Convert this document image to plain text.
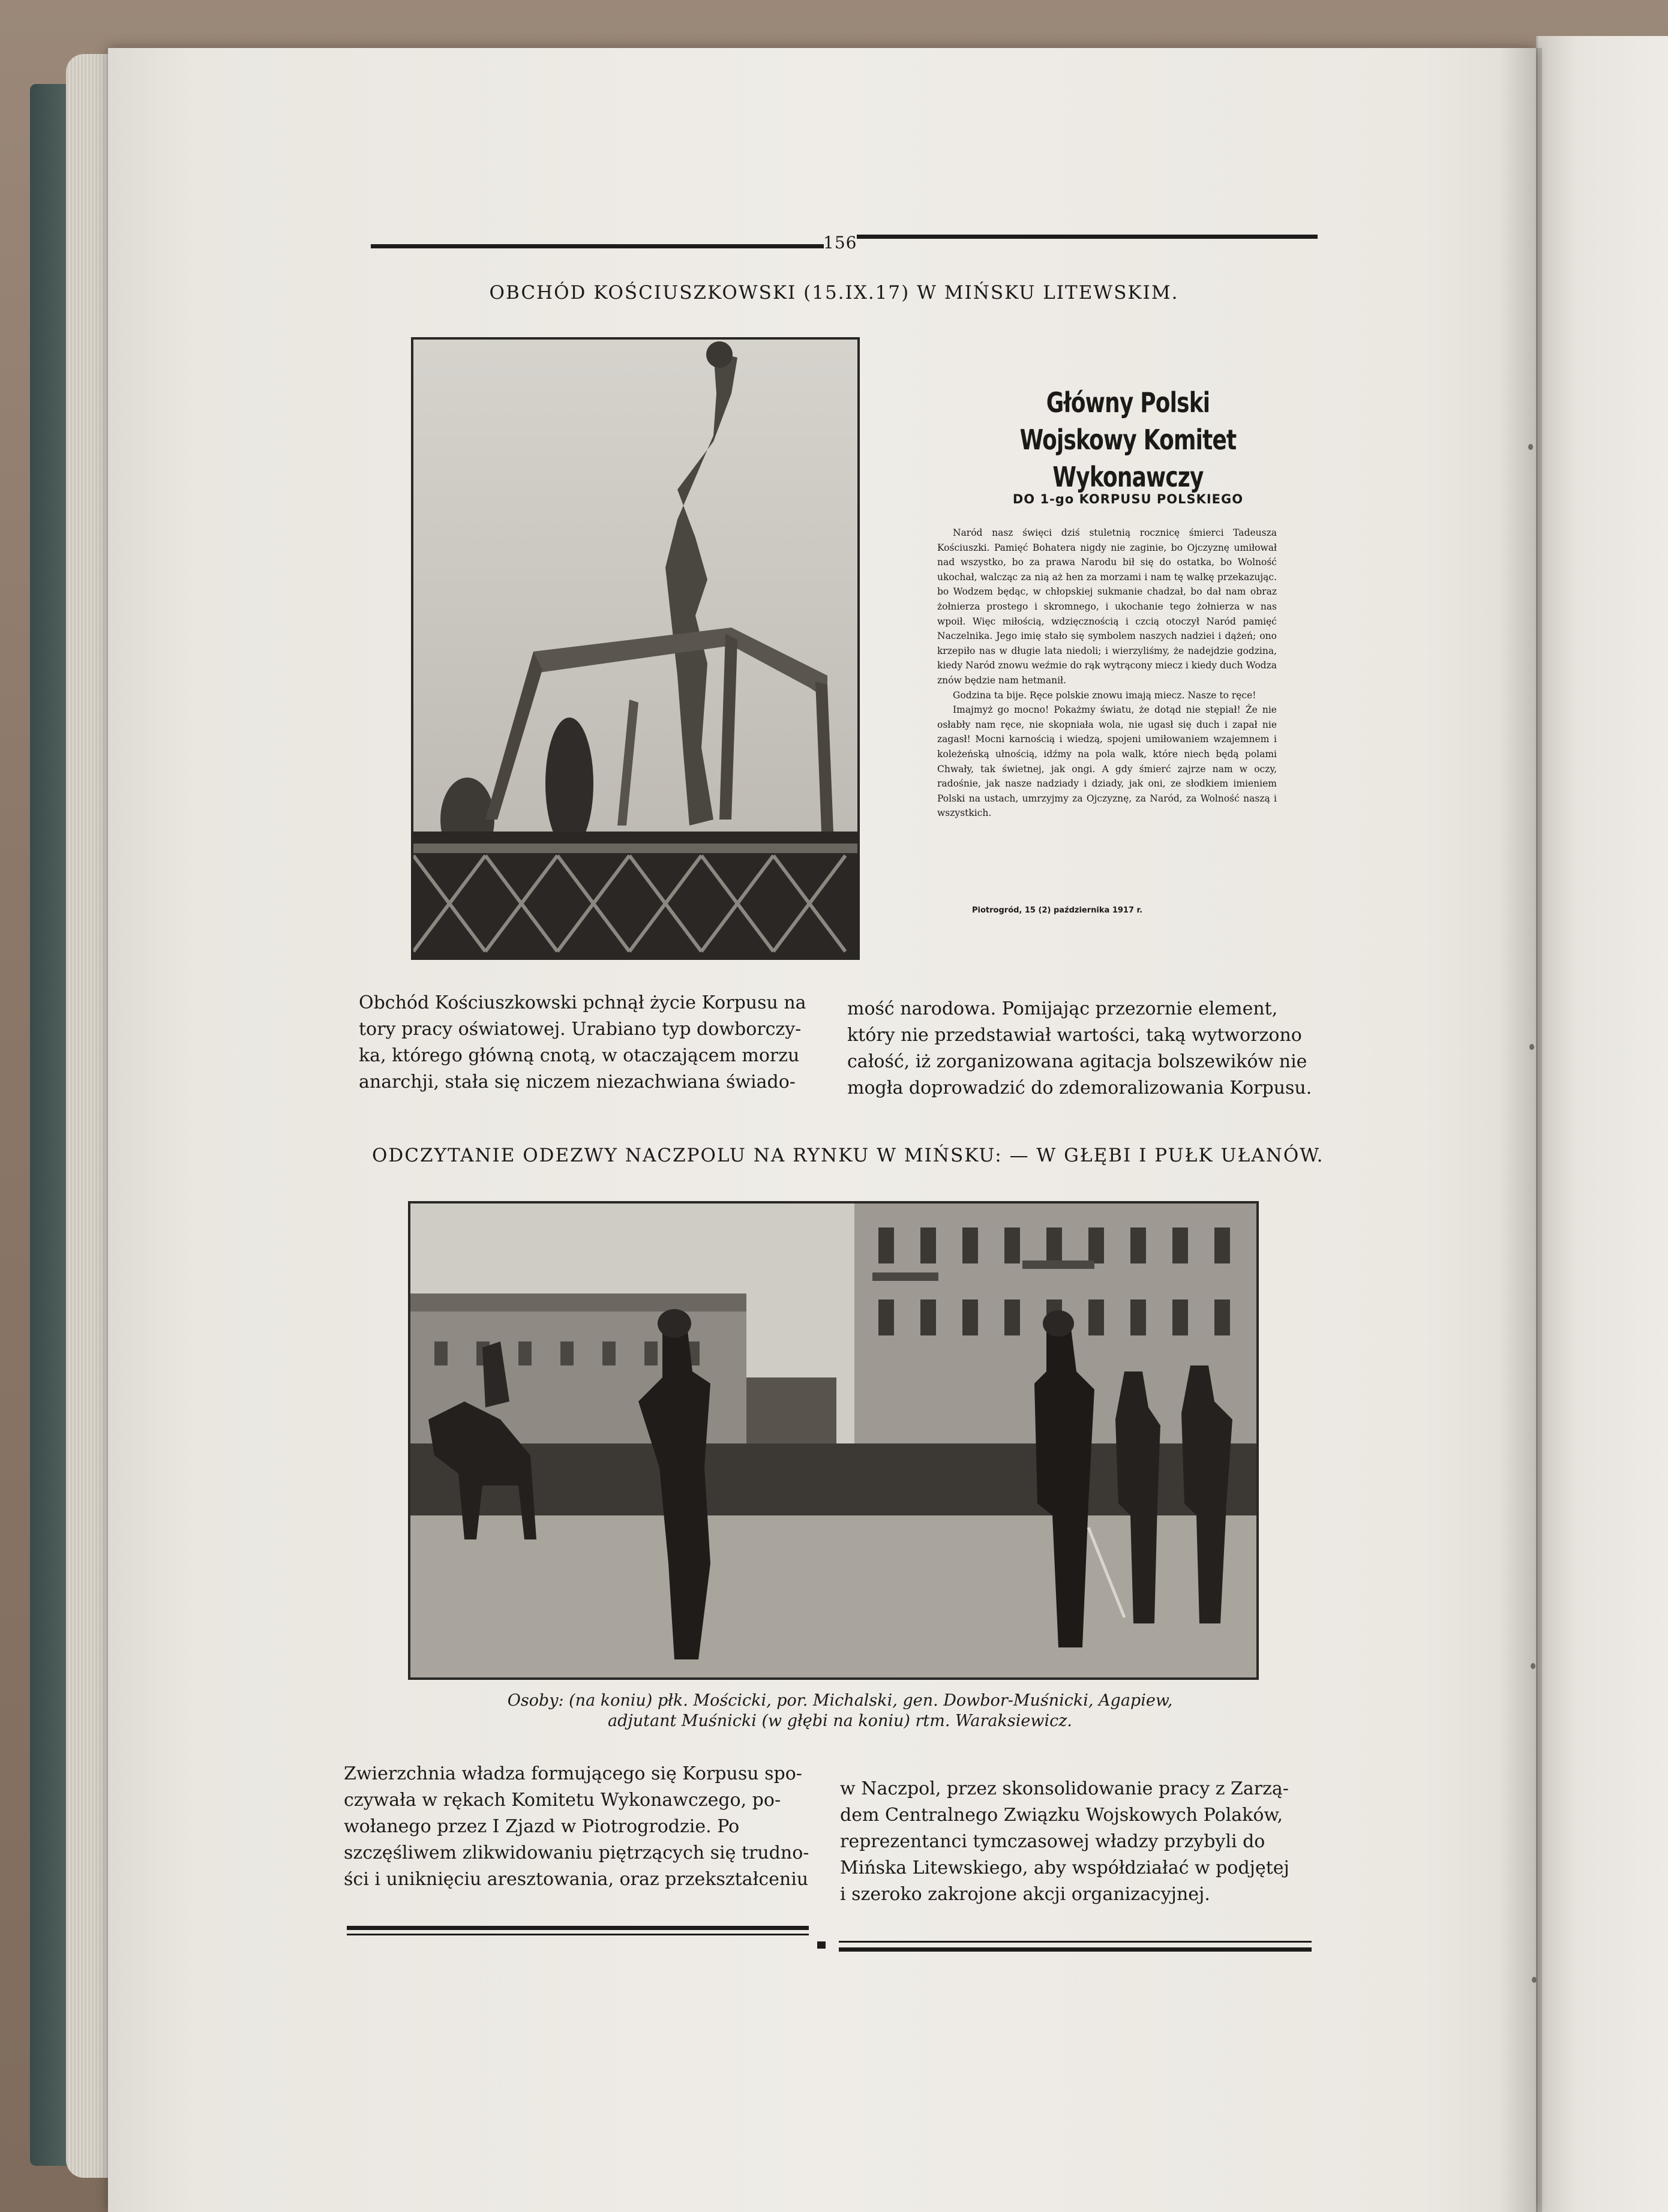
156
OBCHÓD KOŚCIUSZKOWSKI (15.IX.17) W MIŃSKU LITEWSKIM.
Główny Polski Wojskowy Komitet
Wykonawczy
DO 1-go KORPUSU POLSKIEGO

Naród nasz święci dziś stuletnią rocznicę śmierci Tadeusza Kościuszki. Pamięć Bohatera nigdy nie zaginie, bo Ojczyznę umiłował nad wszystko, bo za prawa Narodu bił się do ostatka, bo Wolność ukochał, walcząc za nią aż hen za morzami i nam tę walkę przekazując. bo Wodzem będąc, w chłopskiej sukmanie chadzał, bo dał nam obraz żołnierza prostego i skromnego, i ukochanie tego żołnierza w nas wpoił. Więc miłością, wdzięcznością i czcią otoczył Naród pamięć Naczelnika. Jego imię stało się symbolem naszych nadziei i dążeń; ono krzepiło nas w długie lata niedoli; i wierzyliśmy, że nadejdzie godzina, kiedy Naród znowu weźmie do rąk wytrącony miecz i kiedy duch Wodza znów będzie nam hetmanił.

Godzina ta bije. Ręce polskie znowu imają miecz. Nasze to ręce!

Imajmyż go mocno! Pokażmy światu, że dotąd nie stępiał! Że nie osłabły nam ręce, nie skopniała wola, nie ugasł się duch i zapał nie zagasł! Mocni karnością i wiedzą, spojeni umiłowaniem wzajemnem i koleżeńską ułnością, idźmy na pola walk, które niech będą polami Chwały, tak świetnej, jak ongi. A gdy śmierć zajrze nam w oczy, radośnie, jak nasze nadziady i dziady, jak oni, ze słodkiem imieniem Polski na ustach, umrzyjmy za Ojczyznę, za Naród, za Wolność naszą i wszystkich.

Piotrogród, 15 (2) października 1917 r.

Obchód Kościuszkowski pchnął życie Korpusu na

tory pracy oświatowej. Urabiano typ dowborczy-

ka, którego główną cnotą, w otaczającem morzu

anarchji, stała się niczem niezachwiana świado-

mość narodowa. Pomijając przezornie element,

który nie przedstawiał wartości, taką wytworzono

całość, iż zorganizowana agitacja bolszewików nie

mogła doprowadzić do zdemoralizowania Korpusu.

ODCZYTANIE ODEZWY NACZPOLU NA RYNKU W MIŃSKU: — W GŁĘBI I PUŁK UŁANÓW.
Osoby: (na koniu) płk. Mościcki, por. Michalski, gen. Dowbor-Muśnicki, Agapiew,
adjutant Muśnicki (w głębi na koniu) rtm. Waraksiewicz.

Zwierzchnia władza formującego się Korpusu spo-

czywała w rękach Komitetu Wykonawczego, po-

wołanego przez I Zjazd w Piotrogrodzie. Po

szczęśliwem zlikwidowaniu piętrzących się trudno-

ści i uniknięciu aresztowania, oraz przekształceniu

w Naczpol, przez skonsolidowanie pracy z Zarzą-

dem Centralnego Związku Wojskowych Polaków,

reprezentanci tymczasowej władzy przybyli do

Mińska Litewskiego, aby współdziałać w podjętej

i szeroko zakrojone akcji organizacyjnej.
